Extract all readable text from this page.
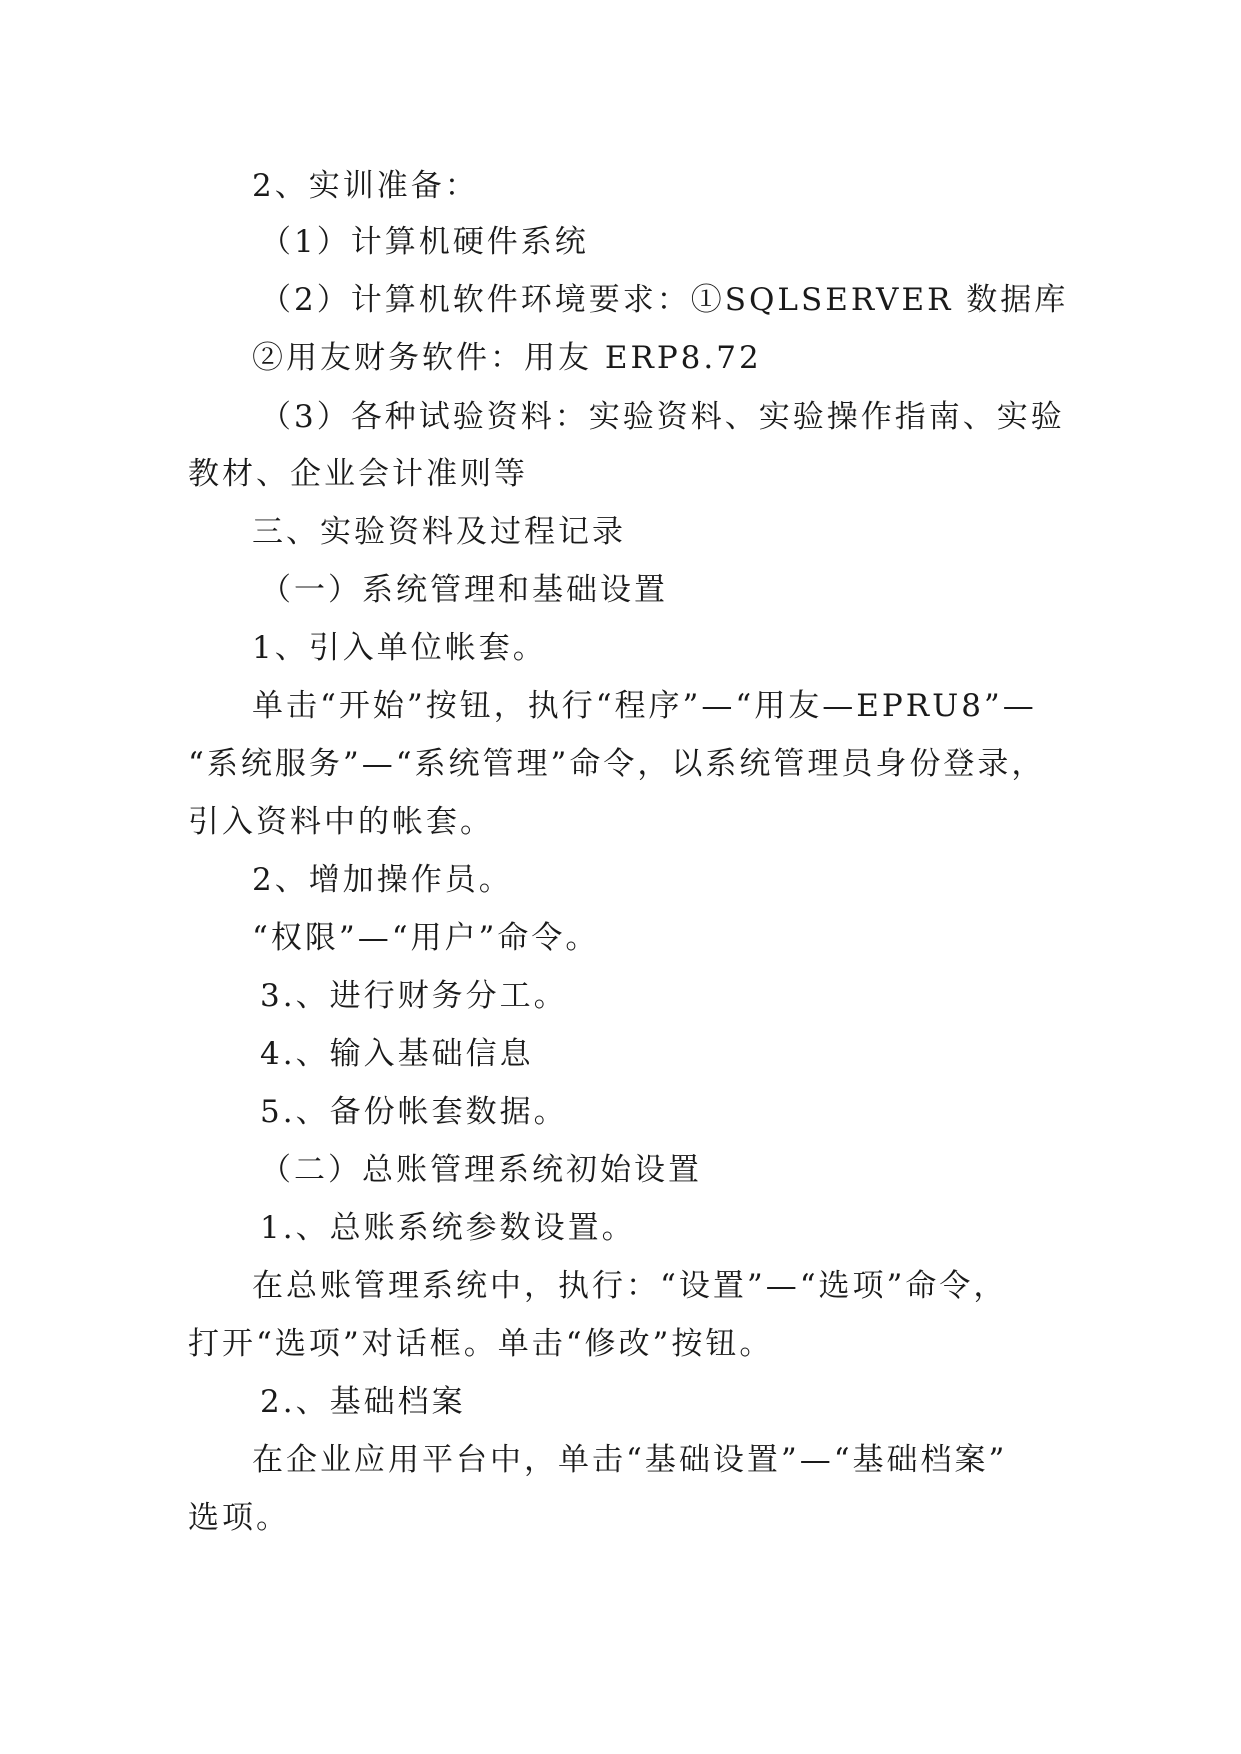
2、实训准备：
（1）计算机硬件系统
（2）计算机软件环境要求：①SQLSERVER 数据库
②用友财务软件：用友 ERP8.72
（3）各种试验资料：实验资料、实验操作指南、实验
教材、企业会计准则等
三、实验资料及过程记录
（一）系统管理和基础设置
1、引入单位帐套。
单击“开始”按钮，执行“程序”—“用友—EPRU8”—
“系统服务”—“系统管理”命令，以系统管理员身份登录，
引入资料中的帐套。
2、增加操作员。
“权限”—“用户”命令。
3.、进行财务分工。
4.、输入基础信息
5.、备份帐套数据。
（二）总账管理系统初始设置
1.、总账系统参数设置。
在总账管理系统中，执行：“设置”—“选项”命令，
打开“选项”对话框。单击“修改”按钮。
2.、基础档案
在企业应用平台中，单击“基础设置”—“基础档案”
选项。
